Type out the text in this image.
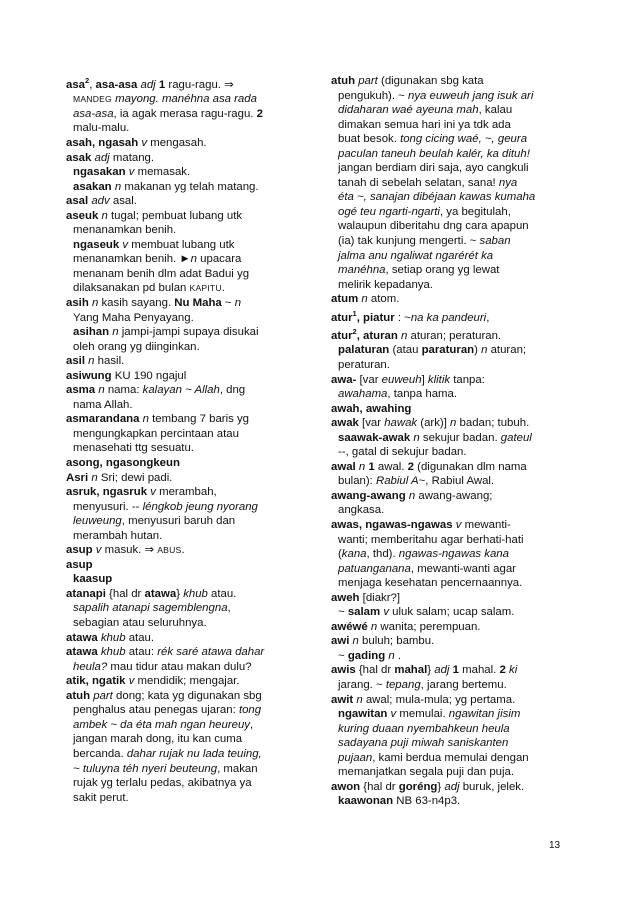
asa$^2$, asa-asa adj 1 ragu-ragu. ⇒
MANDEG mayong. manéhna asa rada
asa-asa, ia agak merasa ragu-ragu. 2
malu-malu.
asah, ngasah v mengasah.
asak adj matang.
ngasakan v memasak.
asakan n makanan yg telah matang.
asal adv asal.
aseuk n tugal; pembuat lubang utk
menanamkan benih.
ngaseuk v membuat lubang utk
menanamkan benih. ►n upacara
menanam benih dlm adat Badui yg
dilaksanakan pd bulan KAPITU.
asih n kasih sayang. Nu Maha ~ n
Yang Maha Penyayang.
asihan n jampi-jampi supaya disukai
oleh orang yg diinginkan.
asil n hasil.
asiwung KU 190 ngajul
asma n nama: kalayan ~ Allah, dng
nama Allah.
asmarandana n tembang 7 baris yg
mengungkapkan percintaan atau
menasehati ttg sesuatu.
asong, ngasongkeun
Asri n Sri; dewi padi.
asruk, ngasruk v merambah,
menyusuri. -- léngkob jeung nyorang
leuweung, menyusuri baruh dan
merambah hutan.
asup v masuk. ⇒ ABUS.
asup
kaasup
atanapi {hal dr atawa} khub atau.
sapalih atanapi sagemblengna,
sebagian atau seluruhnya.
atawa khub atau.
atawa khub atau: rék saré atawa dahar
heula? mau tidur atau makan dulu?
atik, ngatik v mendidik; mengajar.
atuh part dong; kata yg digunakan sbg
penghalus atau penegas ujaran: tong
ambek ~ da éta mah ngan heureuy,
jangan marah dong, itu kan cuma
bercanda. dahar rujak nu lada teuing,
~ tuluyna téh nyeri beuteung, makan
rujak yg terlalu pedas, akibatnya ya
sakit perut.
atuh part (digunakan sbg kata
pengukuh). ~ nya euweuh jang isuk ari
didaharan waé ayeuna mah, kalau
dimakan semua hari ini ya tdk ada
buat besok. tong cicing waé, ~, geura
paculan taneuh beulah kalér, ka dituh!
jangan berdiam diri saja, ayo cangkuli
tanah di sebelah selatan, sana! nya
éta ~, sanajan dibéjaan kawas kumaha
ogé teu ngarti-ngarti, ya begitulah,
walaupun diberitahu dng cara apapun
(ia) tak kunjung mengerti. ~ saban
jalma anu ngaliwat ngarérét ka
manéhna, setiap orang yg lewat
melirik kepadanya.
atum n atom.
atur$^1$, piatur : ~na ka pandeuri,
atur$^2$, aturan n aturan; peraturan.
palaturan (atau paraturan) n aturan;
peraturan.
awa- [var euweuh] klitik tanpa:
awahama, tanpa hama.
awah, awahing
awak [var hawak (ark)] n badan; tubuh.
saawak-awak n sekujur badan. gateul
--, gatal di sekujur badan.
awal n 1 awal. 2 (digunakan dlm nama
bulan): Rabiul A~, Rabiul Awal.
awang-awang n awang-awang;
angkasa.
awas, ngawas-ngawas v mewanti-
wanti; memberitahu agar berhati-hati
(kana, thd). ngawas-ngawas kana
patuanganana, mewanti-wanti agar
menjaga kesehatan pencernaannya.
aweh [diakr?]
~ salam v uluk salam; ucap salam.
awéwé n wanita; perempuan.
awi n buluh; bambu.
~ gading n .
awis {hal dr mahal} adj 1 mahal. 2 ki
jarang. ~ tepang, jarang bertemu.
awit n awal; mula-mula; yg pertama.
ngawitan v memulai. ngawitan jisim
kuring duaan nyembahkeun heula
sadayana puji miwah saniskanten
pujaan, kami berdua memulai dengan
memanjatkan segala puji dan puja.
awon {hal dr goréng} adj buruk, jelek.
kaawonan NB 63-n4p3.
13
